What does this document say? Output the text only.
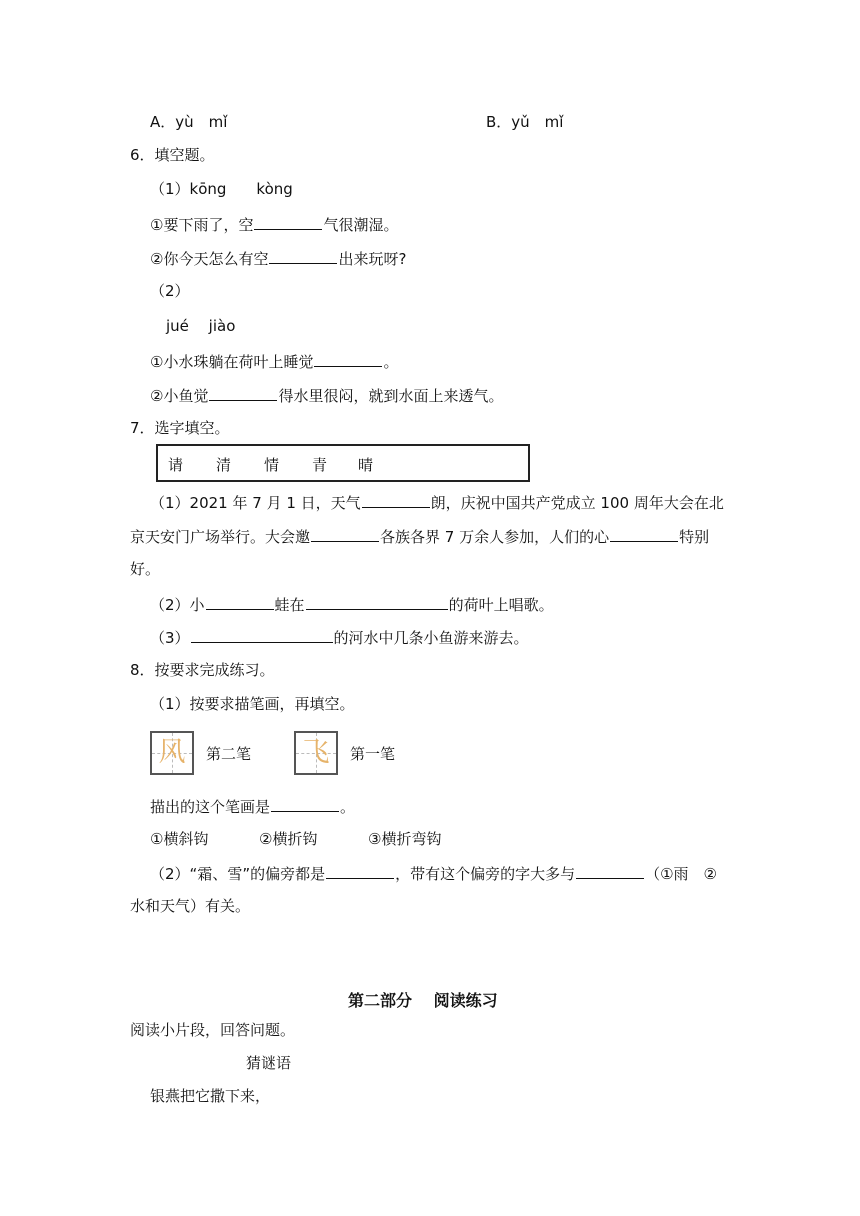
A．yù　mǐ	B．yǔ　mǐ
6．填空题。
（1）kōng　　kòng
①要下雨了，空	气很潮湿。
②你今天怎么有空	出来玩呀?
（2）
jué　 jiào
①小水珠躺在荷叶上睡觉	。
②小鱼觉	得水里很闷，就到水面上来透气。
7．选字填空。
请 清 情 青 晴
（1）2021 年 7 月 1 日，天气	朗，庆祝中国共产党成立 100 周年大会在北
京天安门广场举行。大会邀	各族各界 7 万余人参加，人们的心	特别
好。
（2）小	蛙在	的荷叶上唱歌。
（3）	的河水中几条小鱼游来游去。
8．按要求完成练习。
（1）按要求描笔画，再填空。
风	第二笔 飞	第一笔
描出的这个笔画是	。
①横斜钩	②横折钩	③横折弯钩
（2）“霜、雪”的偏旁都是	，带有这个偏旁的字大多与	（①雨　②
水和天气）有关。
第二部分　 阅读练习
阅读小片段，回答问题。
猜谜语
银燕把它撒下来，
